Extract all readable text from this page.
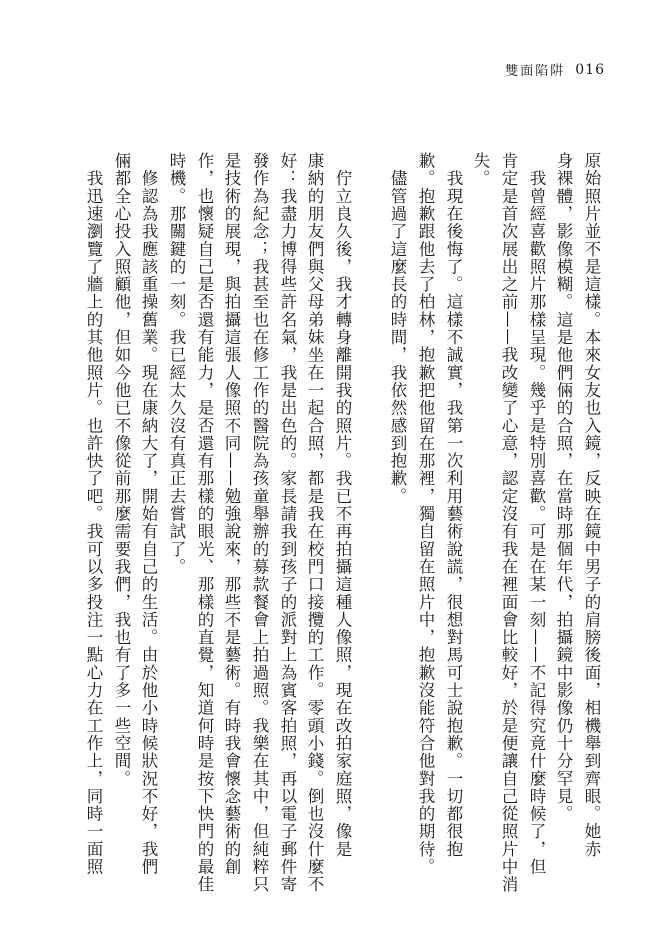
雙面陷阱 016
原始照片並不是這樣。本來女友也入鏡，反映在鏡中男子的肩膀後面，相機舉到齊眼。她赤
身裸體，影像模糊。這是他們倆的合照，在當時那個年代，拍攝鏡中影像仍十分罕見。
　我曾經喜歡照片那樣呈現。幾乎是特別喜歡。可是在某一刻——不記得究竟什麼時候了，但
肯定是首次展出之前——我改變了心意，認定沒有我在裡面會比較好，於是便讓自己從照片中消
失。
　我現在後悔了。這樣不誠實，我第一次利用藝術說謊，很想對馬可士說抱歉。一切都很抱
歉。抱歉跟他去了柏林，抱歉把他留在那裡，獨自留在照片中，抱歉沒能符合他對我的期待。
　儘管過了這麼長的時間，我依然感到抱歉。
　佇立良久後，我才轉身離開我的照片。我已不再拍攝這種人像照，現在改拍家庭照，像是
康納的朋友們與父母弟妹坐在一起合照，都是我在校門口接攬的工作。零頭小錢。倒也沒什麼不
好：我盡力博得些許名氣，我是出色的。家長請我到孩子的派對上為賓客拍照，再以電子郵件寄
發作為紀念；我甚至也在修工作的醫院為孩童舉辦的募款餐會上拍過照。我樂在其中，但純粹只
是技術的展現，與拍攝這張人像照不同——勉強說來，那些不是藝術。有時我會懷念藝術的創
作，也懷疑自己是否還有能力，是否還有那樣的眼光、那樣的直覺，知道何時是按下快門的最佳
時機。那關鍵的一刻。我已經太久沒有真正去嘗試了。
　修認為我應該重操舊業。現在康納大了，開始有自己的生活。由於他小時候狀況不好，我們
倆都全心投入照顧他，但如今他已不像從前那麼需要我們，我也有了多一些空間。
　我迅速瀏覽了牆上的其他照片。也許快了吧。我可以多投注一點心力在工作上，同時一面照
